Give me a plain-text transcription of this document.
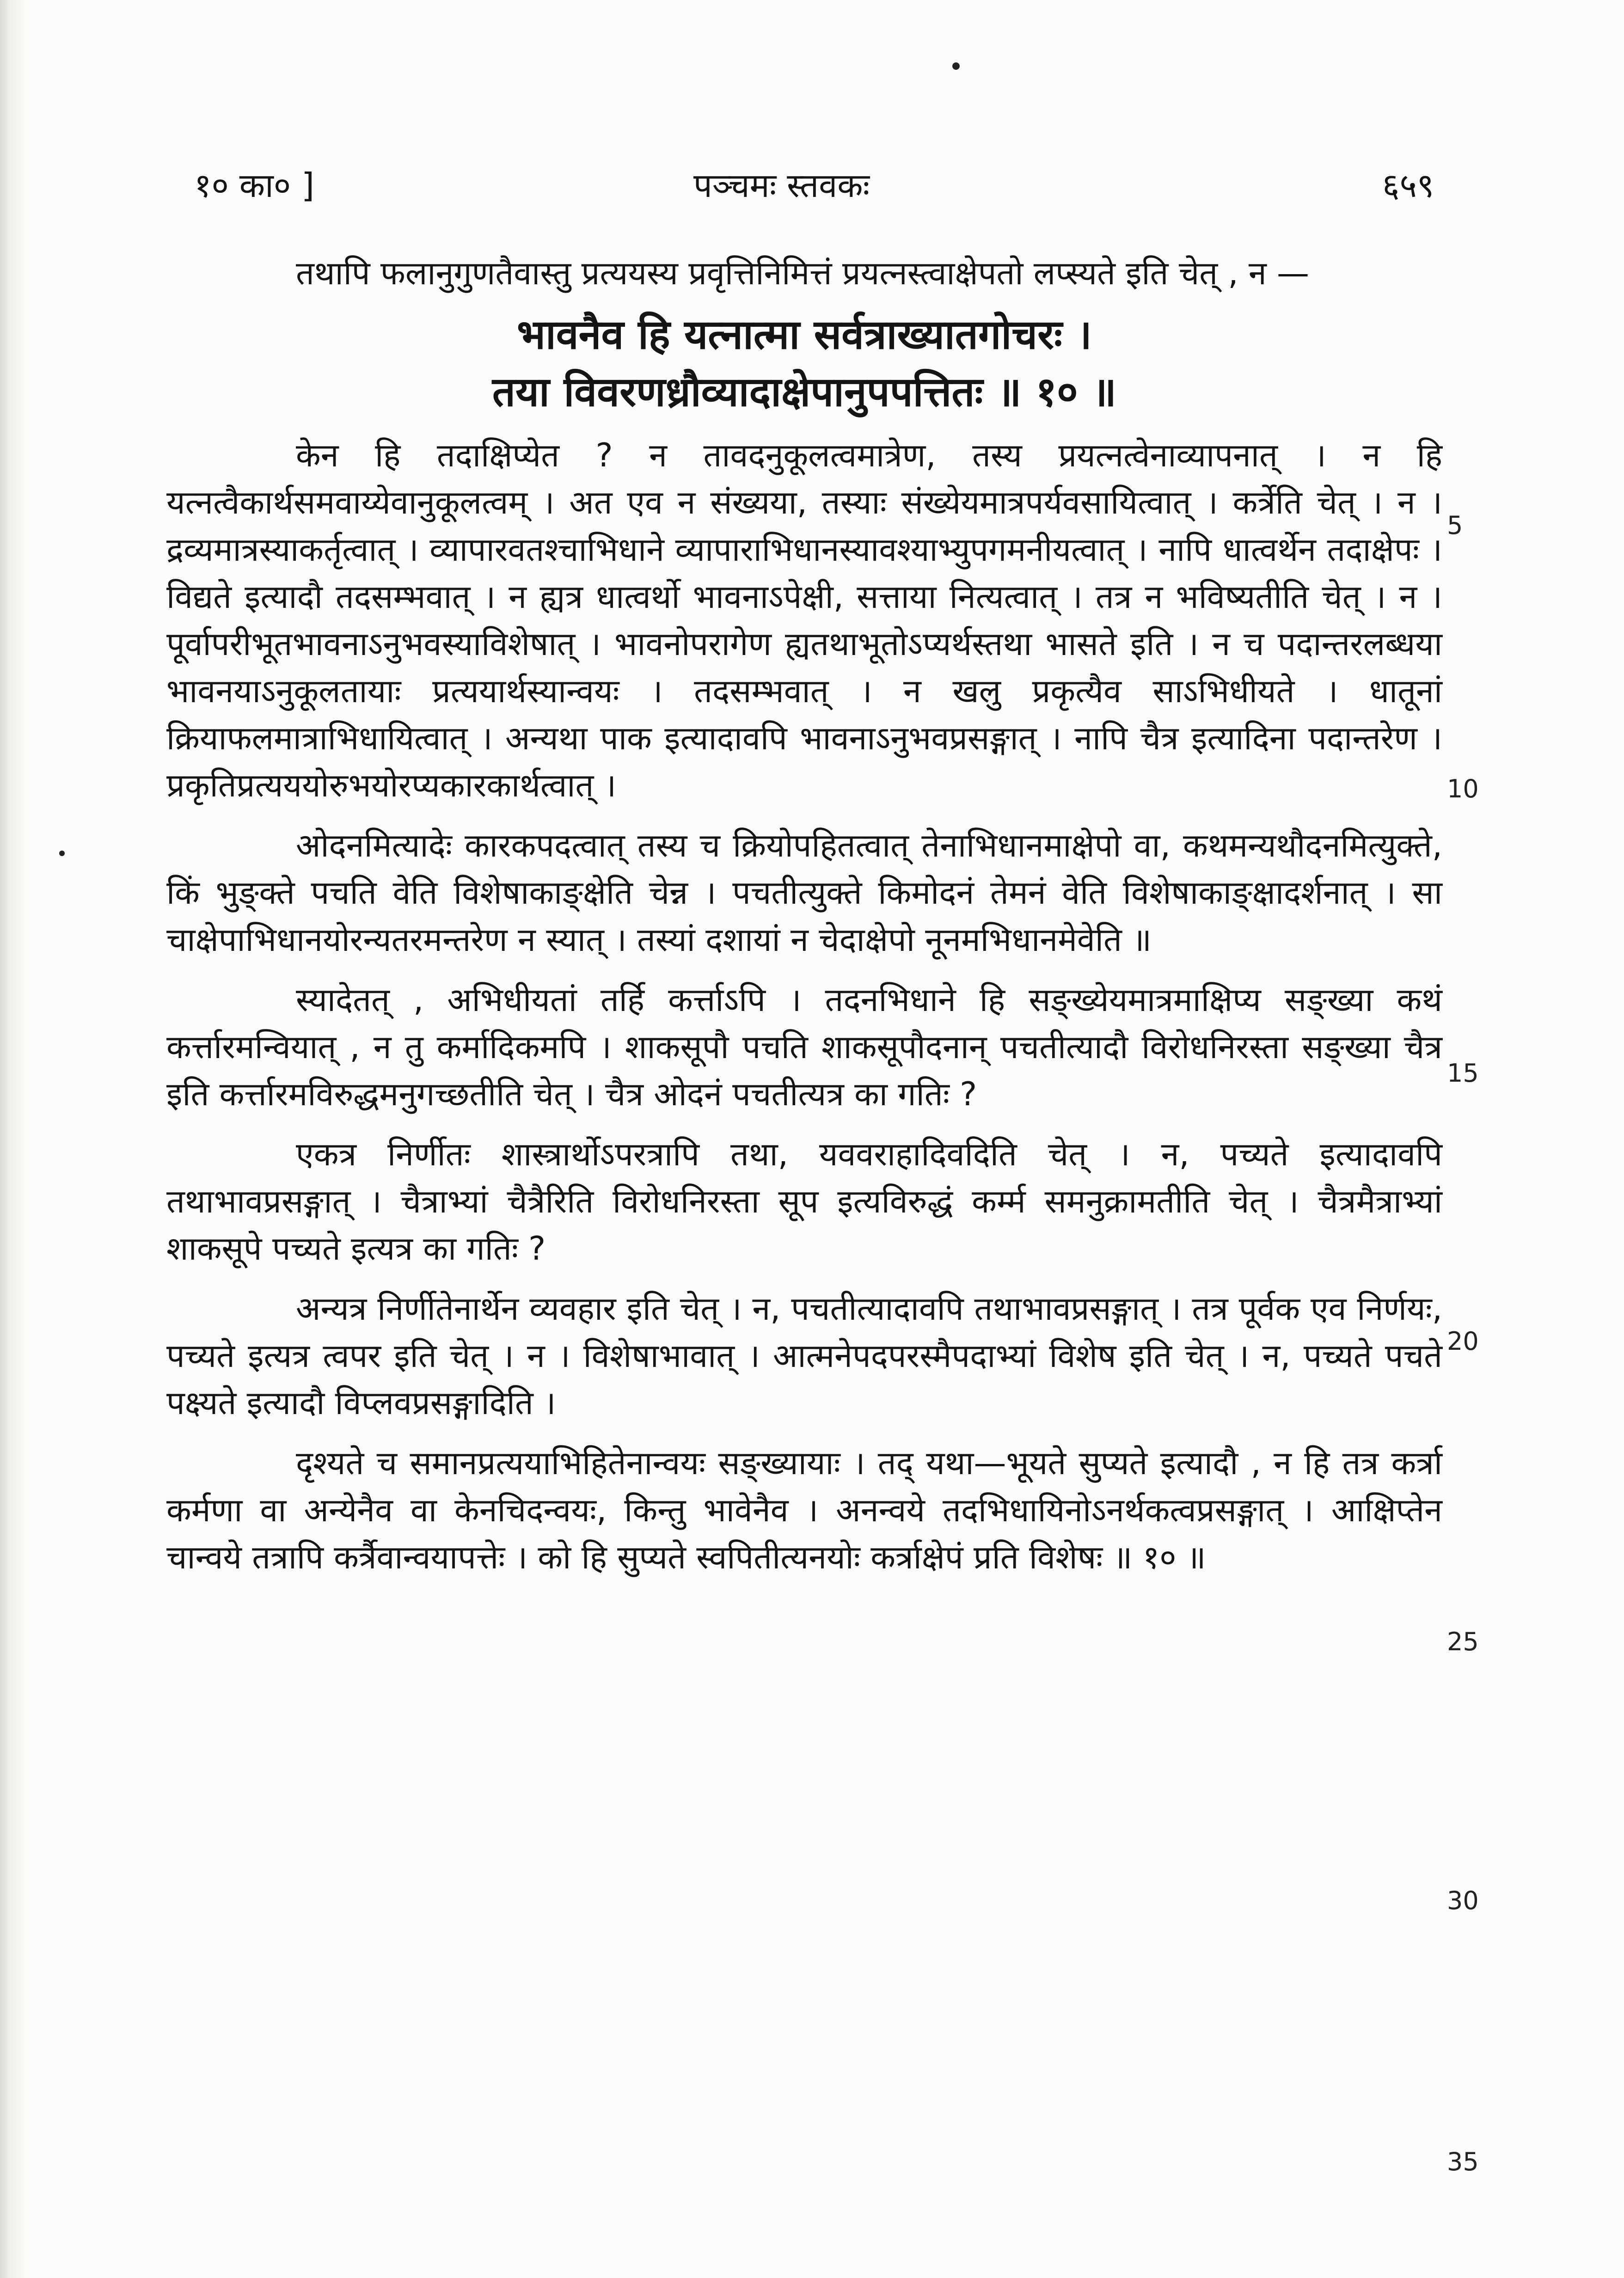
१० का० ]	पञ्चमः स्तवकः	६५९

तथापि फलानुगुणतैवास्तु प्रत्ययस्य प्रवृत्तिनिमित्तं प्रयत्नस्त्वाक्षेपतो लप्स्यते इति चेत् , न —

भावनैव हि यत्नात्मा सर्वत्राख्यातगोचरः ।
तया विवरणध्रौव्यादाक्षेपानुपपत्तितः ॥ १० ॥

केन हि तदाक्षिप्येत ? न तावदनुकूलत्वमात्रेण, तस्य प्रयत्नत्वेनाव्यापनात् । न हि यत्नत्वैकार्थसमवाय्येवानुकूलत्वम् । अत एव न संख्यया, तस्याः संख्येयमात्रपर्यवसायित्वात् । कर्त्रेति चेत् । न । द्रव्यमात्रस्याकर्तृत्वात् । व्यापारवतश्चाभिधाने व्यापाराभिधानस्यावश्याभ्युपगमनीयत्वात् । नापि धात्वर्थेन तदाक्षेपः । विद्यते इत्यादौ तदसम्भवात् । न ह्यत्र धात्वर्थो भावनाऽपेक्षी, सत्ताया नित्यत्वात् । तत्र न भविष्यतीति चेत् । न । पूर्वापरीभूतभावनाऽनुभवस्याविशेषात् । भावनोपरागेण ह्यतथाभूतोऽप्यर्थस्तथा भासते इति । न च पदान्तरलब्धया भावनयाऽनुकूलतायाः प्रत्ययार्थस्यान्वयः । तदसम्भवात् । न खलु प्रकृत्यैव साऽभिधीयते । धातूनां क्रियाफलमात्राभिधायित्वात् । अन्यथा पाक इत्यादावपि भावनाऽनुभवप्रसङ्गात् । नापि चैत्र इत्यादिना पदान्तरेण । प्रकृतिप्रत्यययोरुभयोरप्यकारकार्थत्वात् ।

ओदनमित्यादेः कारकपदत्वात् तस्य च क्रियोपहितत्वात् तेनाभिधानमाक्षेपो वा, कथमन्यथौदनमित्युक्ते, किं भुङ्क्ते पचति वेति विशेषाकाङ्क्षेति चेन्न । पचतीत्युक्ते किमोदनं तेमनं वेति विशेषाकाङ्क्षादर्शनात् । सा चाक्षेपाभिधानयोरन्यतरमन्तरेण न स्यात् । तस्यां दशायां न चेदाक्षेपो नूनमभिधानमेवेति ॥

स्यादेतत् , अभिधीयतां तर्हि कर्त्ताऽपि । तदनभिधाने हि सङ्ख्येयमात्रमाक्षिप्य सङ्ख्या कथं कर्त्तारमन्वियात् , न तु कर्मादिकमपि । शाकसूपौ पचति शाकसूपौदनान् पचतीत्यादौ विरोधनिरस्ता सङ्ख्या चैत्र इति कर्त्तारमविरुद्धमनुगच्छतीति चेत् । चैत्र ओदनं पचतीत्यत्र का गतिः ?

एकत्र निर्णीतः शास्त्रार्थोऽपरत्रापि तथा, यववराहादिवदिति चेत् । न, पच्यते इत्यादावपि तथाभावप्रसङ्गात् । चैत्राभ्यां चैत्रैरिति विरोधनिरस्ता सूप इत्यविरुद्धं कर्म्म समनुक्रामतीति चेत् । चैत्रमैत्राभ्यां शाकसूपे पच्यते इत्यत्र का गतिः ?

अन्यत्र निर्णीतेनार्थेन व्यवहार इति चेत् । न, पचतीत्यादावपि तथाभावप्रसङ्गात् । तत्र पूर्वक एव निर्णयः, पच्यते इत्यत्र त्वपर इति चेत् । न । विशेषाभावात् । आत्मनेपदपरस्मैपदाभ्यां विशेष इति चेत् । न, पच्यते पचते पक्ष्यते इत्यादौ विप्लवप्रसङ्गादिति ।

दृश्यते च समानप्रत्ययाभिहितेनान्वयः सङ्ख्यायाः । तद् यथा—भूयते सुप्यते इत्यादौ , न हि तत्र कर्त्रा कर्मणा वा अन्येनैव वा केनचिदन्वयः, किन्तु भावेनैव । अनन्वये तदभिधायिनोऽनर्थकत्वप्रसङ्गात् । आक्षिप्तेन चान्वये तत्रापि कर्त्रैवान्वयापत्तेः । को हि सुप्यते स्वपितीत्यनयोः कर्त्राक्षेपं प्रति विशेषः ॥ १० ॥

5
10
15
20
25
30
35
